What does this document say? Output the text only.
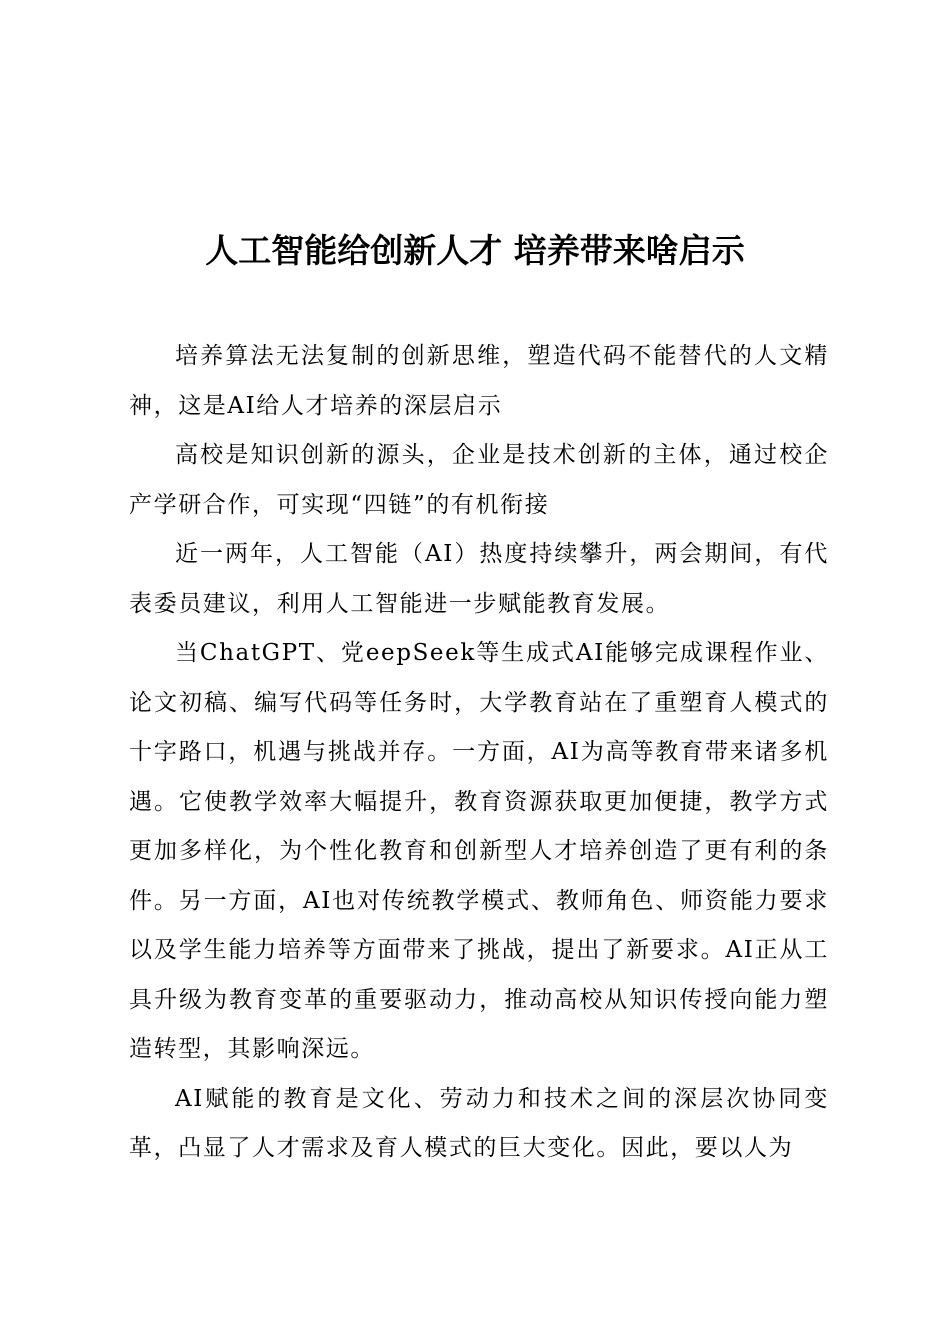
人工智能给创新人才 培养带来啥启示

培养算法无法复制的创新思维，塑造代码不能替代的人文精神，这是AI给人才培养的深层启示

高校是知识创新的源头，企业是技术创新的主体，通过校企产学研合作，可实现“四链”的有机衔接

近一两年，人工智能（AI）热度持续攀升，两会期间，有代表委员建议，利用人工智能进一步赋能教育发展。

当ChatGPT、党eepSeek等生成式AI能够完成课程作业、论文初稿、编写代码等任务时，大学教育站在了重塑育人模式的十字路口，机遇与挑战并存。一方面，AI为高等教育带来诸多机遇。它使教学效率大幅提升，教育资源获取更加便捷，教学方式更加多样化，为个性化教育和创新型人才培养创造了更有利的条件。另一方面，AI也对传统教学模式、教师角色、师资能力要求以及学生能力培养等方面带来了挑战，提出了新要求。AI正从工具升级为教育变革的重要驱动力，推动高校从知识传授向能力塑造转型，其影响深远。

AI赋能的教育是文化、劳动力和技术之间的深层次协同变革，凸显了人才需求及育人模式的巨大变化。因此，要以人为
